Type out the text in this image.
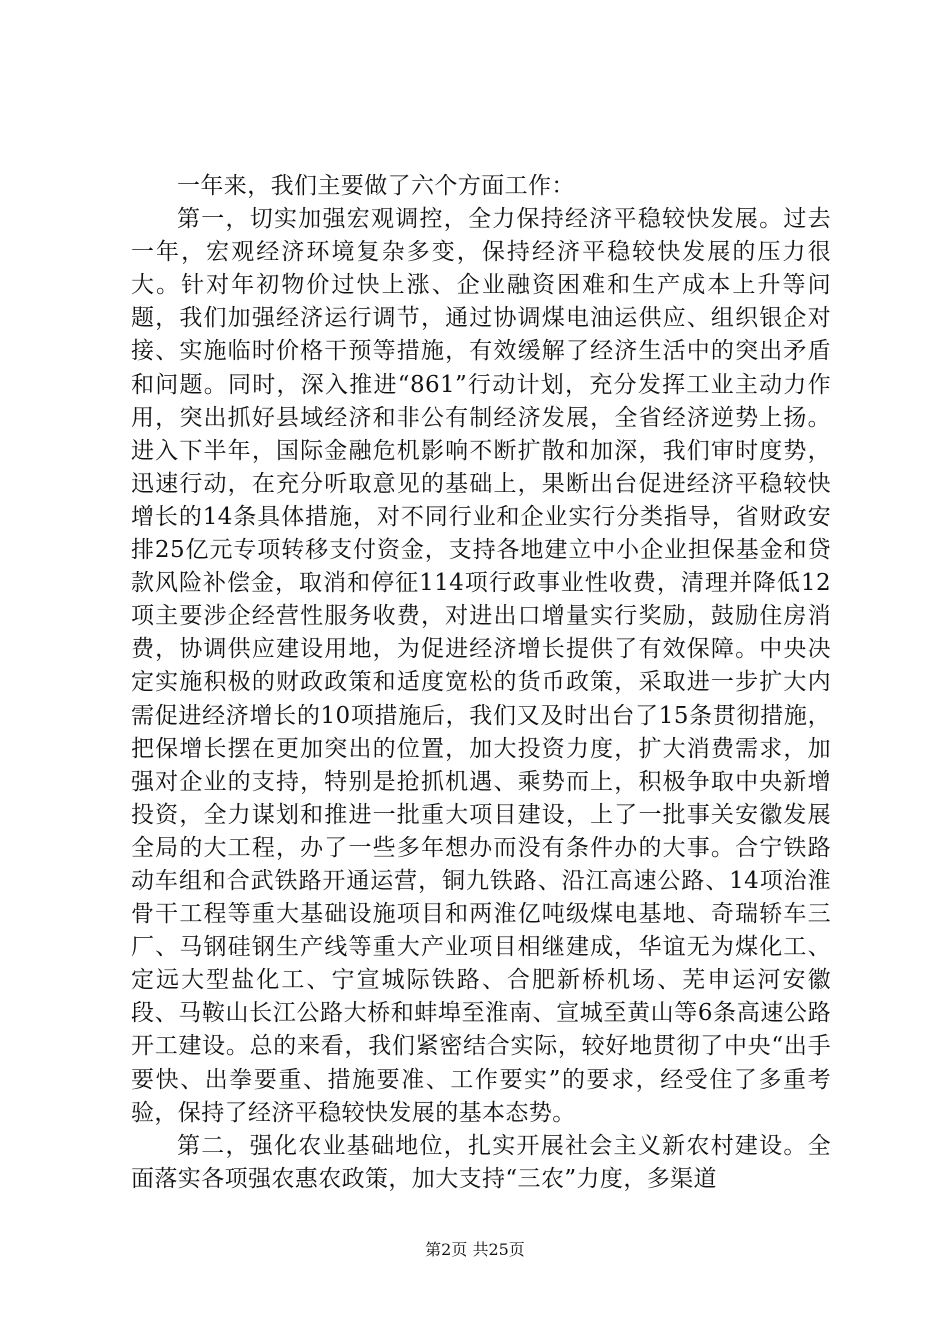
一年来，我们主要做了六个方面工作：

第一，切实加强宏观调控，全力保持经济平稳较快发展。过去一年，宏观经济环境复杂多变，保持经济平稳较快发展的压力很大。针对年初物价过快上涨、企业融资困难和生产成本上升等问题，我们加强经济运行调节，通过协调煤电油运供应、组织银企对接、实施临时价格干预等措施，有效缓解了经济生活中的突出矛盾和问题。同时，深入推进“861”行动计划，充分发挥工业主动力作用，突出抓好县域经济和非公有制经济发展，全省经济逆势上扬。进入下半年，国际金融危机影响不断扩散和加深，我们审时度势，迅速行动，在充分听取意见的基础上，果断出台促进经济平稳较快增长的14条具体措施，对不同行业和企业实行分类指导，省财政安排25亿元专项转移支付资金，支持各地建立中小企业担保基金和贷款风险补偿金，取消和停征114项行政事业性收费，清理并降低12项主要涉企经营性服务收费，对进出口增量实行奖励，鼓励住房消费，协调供应建设用地，为促进经济增长提供了有效保障。中央决定实施积极的财政政策和适度宽松的货币政策，采取进一步扩大内需促进经济增长的10项措施后，我们又及时出台了15条贯彻措施，把保增长摆在更加突出的位置，加大投资力度，扩大消费需求，加强对企业的支持，特别是抢抓机遇、乘势而上，积极争取中央新增投资，全力谋划和推进一批重大项目建设，上了一批事关安徽发展全局的大工程，办了一些多年想办而没有条件办的大事。合宁铁路动车组和合武铁路开通运营，铜九铁路、沿江高速公路、14项治淮骨干工程等重大基础设施项目和两淮亿吨级煤电基地、奇瑞轿车三厂、马钢硅钢生产线等重大产业项目相继建成，华谊无为煤化工、定远大型盐化工、宁宣城际铁路、合肥新桥机场、芜申运河安徽段、马鞍山长江公路大桥和蚌埠至淮南、宣城至黄山等6条高速公路开工建设。总的来看，我们紧密结合实际，较好地贯彻了中央“出手要快、出拳要重、措施要准、工作要实”的要求，经受住了多重考验，保持了经济平稳较快发展的基本态势。

第二，强化农业基础地位，扎实开展社会主义新农村建设。全面落实各项强农惠农政策，加大支持“三农”力度，多渠道

第2页 共25页
